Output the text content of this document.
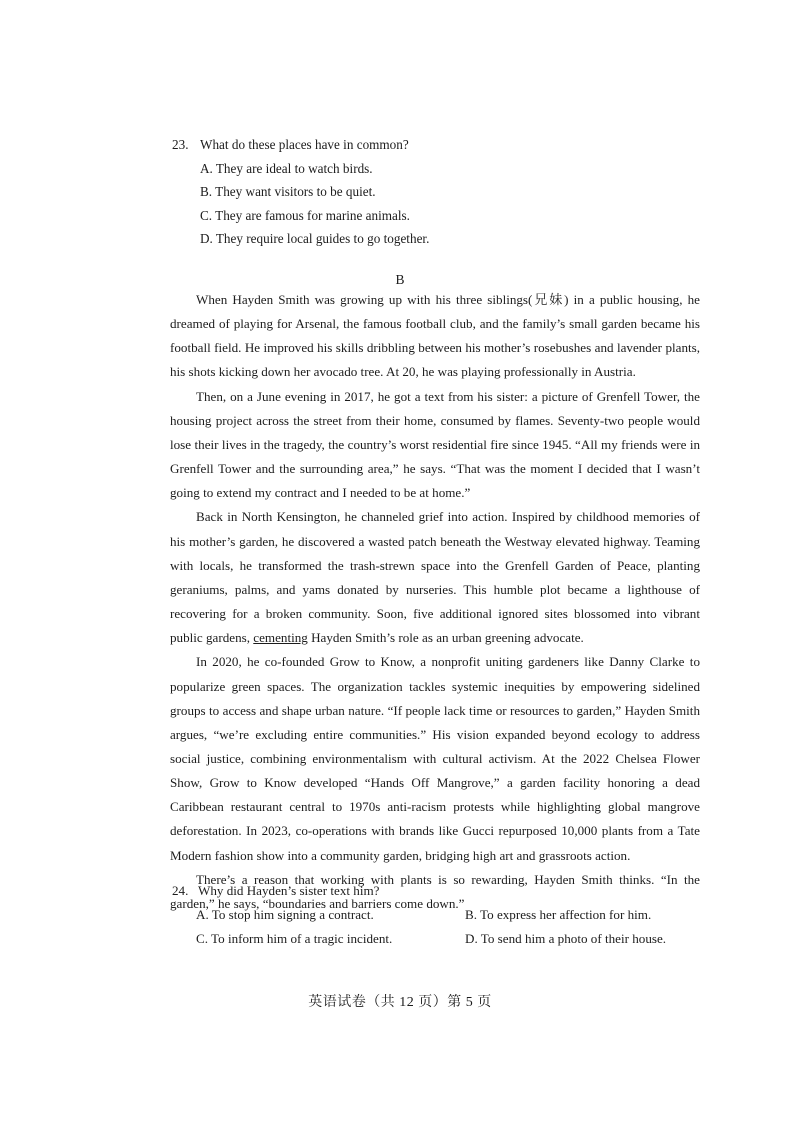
23. What do these places have in common?
A. They are ideal to watch birds.
B. They want visitors to be quiet.
C. They are famous for marine animals.
D. They require local guides to go together.
B

When Hayden Smith was growing up with his three siblings(兄妹) in a public housing, he dreamed of playing for Arsenal, the famous football club, and the family’s small garden became his football field. He improved his skills dribbling between his mother’s rosebushes and lavender plants, his shots kicking down her avocado tree. At 20, he was playing professionally in Austria.

Then, on a June evening in 2017, he got a text from his sister: a picture of Grenfell Tower, the housing project across the street from their home, consumed by flames. Seventy-two people would lose their lives in the tragedy, the country’s worst residential fire since 1945. “All my friends were in Grenfell Tower and the surrounding area,” he says. “That was the moment I decided that I wasn’t going to extend my contract and I needed to be at home.”

Back in North Kensington, he channeled grief into action. Inspired by childhood memories of his mother’s garden, he discovered a wasted patch beneath the Westway elevated highway. Teaming with locals, he transformed the trash-strewn space into the Grenfell Garden of Peace, planting geraniums, palms, and yams donated by nurseries. This humble plot became a lighthouse of recovering for a broken community. Soon, five additional ignored sites blossomed into vibrant public gardens, cementing Hayden Smith’s role as an urban greening advocate.

In 2020, he co-founded Grow to Know, a nonprofit uniting gardeners like Danny Clarke to popularize green spaces. The organization tackles systemic inequities by empowering sidelined groups to access and shape urban nature. “If people lack time or resources to garden,” Hayden Smith argues, “we’re excluding entire communities.” His vision expanded beyond ecology to address social justice, combining environmentalism with cultural activism. At the 2022 Chelsea Flower Show, Grow to Know developed “Hands Off Mangrove,” a garden facility honoring a dead Caribbean restaurant central to 1970s anti-racism protests while highlighting global mangrove deforestation. In 2023, co-operations with brands like Gucci repurposed 10,000 plants from a Tate Modern fashion show into a community garden, bridging high art and grassroots action.

There’s a reason that working with plants is so rewarding, Hayden Smith thinks. “In the garden,” he says, “boundaries and barriers come down.”

24. Why did Hayden’s sister text him?
A. To stop him signing a contract.	B. To express her affection for him.
C. To inform him of a tragic incident.	D. To send him a photo of their house.
英语试卷（共 12 页）第 5 页
